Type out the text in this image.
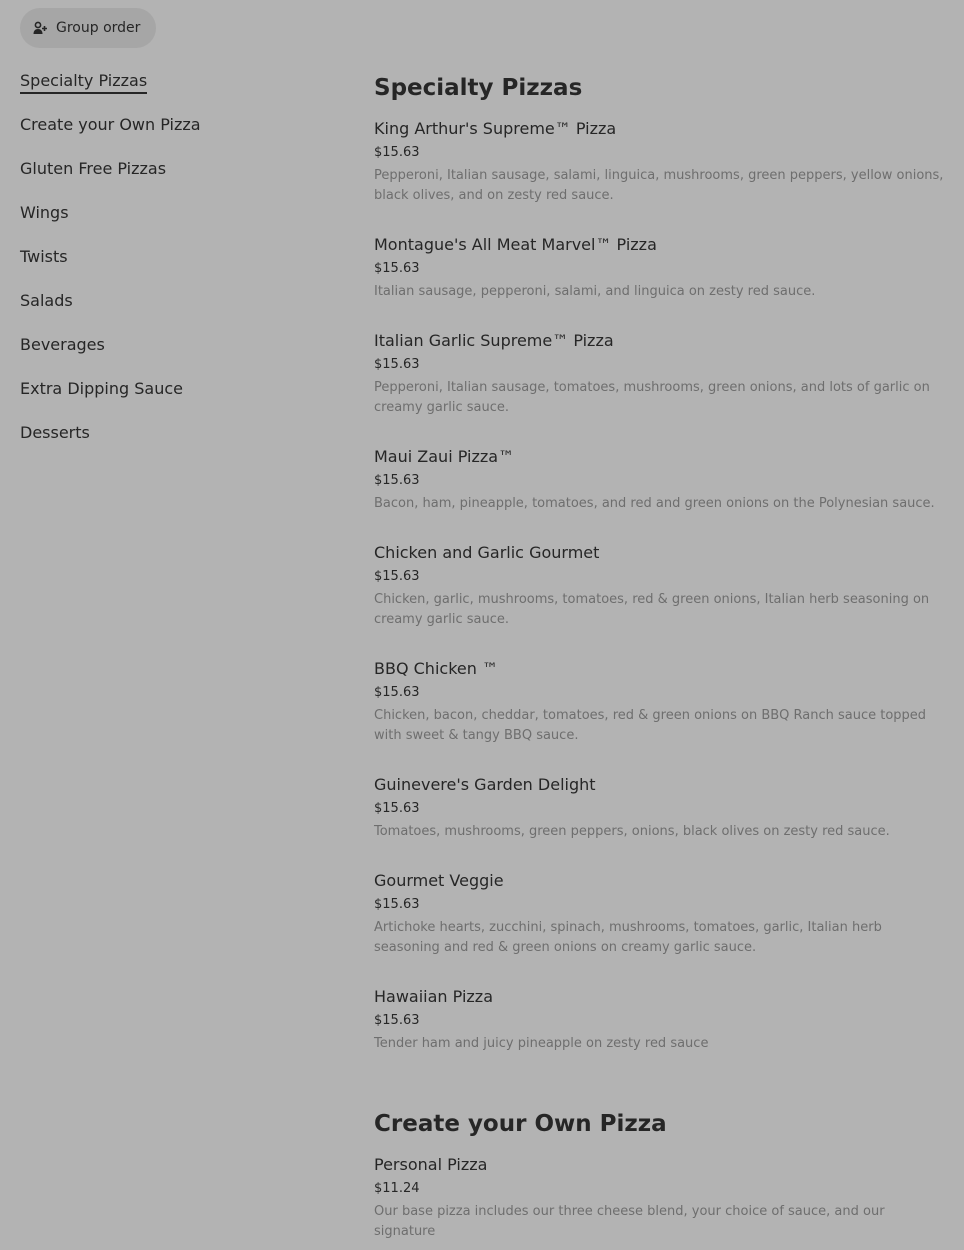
Group order
Specialty Pizzas
Create your Own Pizza
Gluten Free Pizzas
Wings
Twists
Salads
Beverages
Extra Dipping Sauce
Desserts
Specialty Pizzas
King Arthur's Supreme™ Pizza
$15.63
Pepperoni, Italian sausage, salami, linguica, mushrooms, green peppers, yellow onions, black olives, and on zesty red sauce.
Montague's All Meat Marvel™ Pizza
$15.63
Italian sausage, pepperoni, salami, and linguica on zesty red sauce.
Italian Garlic Supreme™ Pizza
$15.63
Pepperoni, Italian sausage, tomatoes, mushrooms, green onions, and lots of garlic on creamy garlic sauce.
Maui Zaui Pizza™
$15.63
Bacon, ham, pineapple, tomatoes, and red and green onions on the Polynesian sauce.
Chicken and Garlic Gourmet
$15.63
Chicken, garlic, mushrooms, tomatoes, red & green onions, Italian herb seasoning on creamy garlic sauce.
BBQ Chicken ™
$15.63
Chicken, bacon, cheddar, tomatoes, red & green onions on BBQ Ranch sauce topped with sweet & tangy BBQ sauce.
Guinevere's Garden Delight
$15.63
Tomatoes, mushrooms, green peppers, onions, black olives on zesty red sauce.
Gourmet Veggie
$15.63
Artichoke hearts, zucchini, spinach, mushrooms, tomatoes, garlic, Italian herb seasoning and red & green onions on creamy garlic sauce.
Hawaiian Pizza
$15.63
Tender ham and juicy pineapple on zesty red sauce
Create your Own Pizza
Personal Pizza
$11.24
Our base pizza includes our three cheese blend, your choice of sauce, and our signature
